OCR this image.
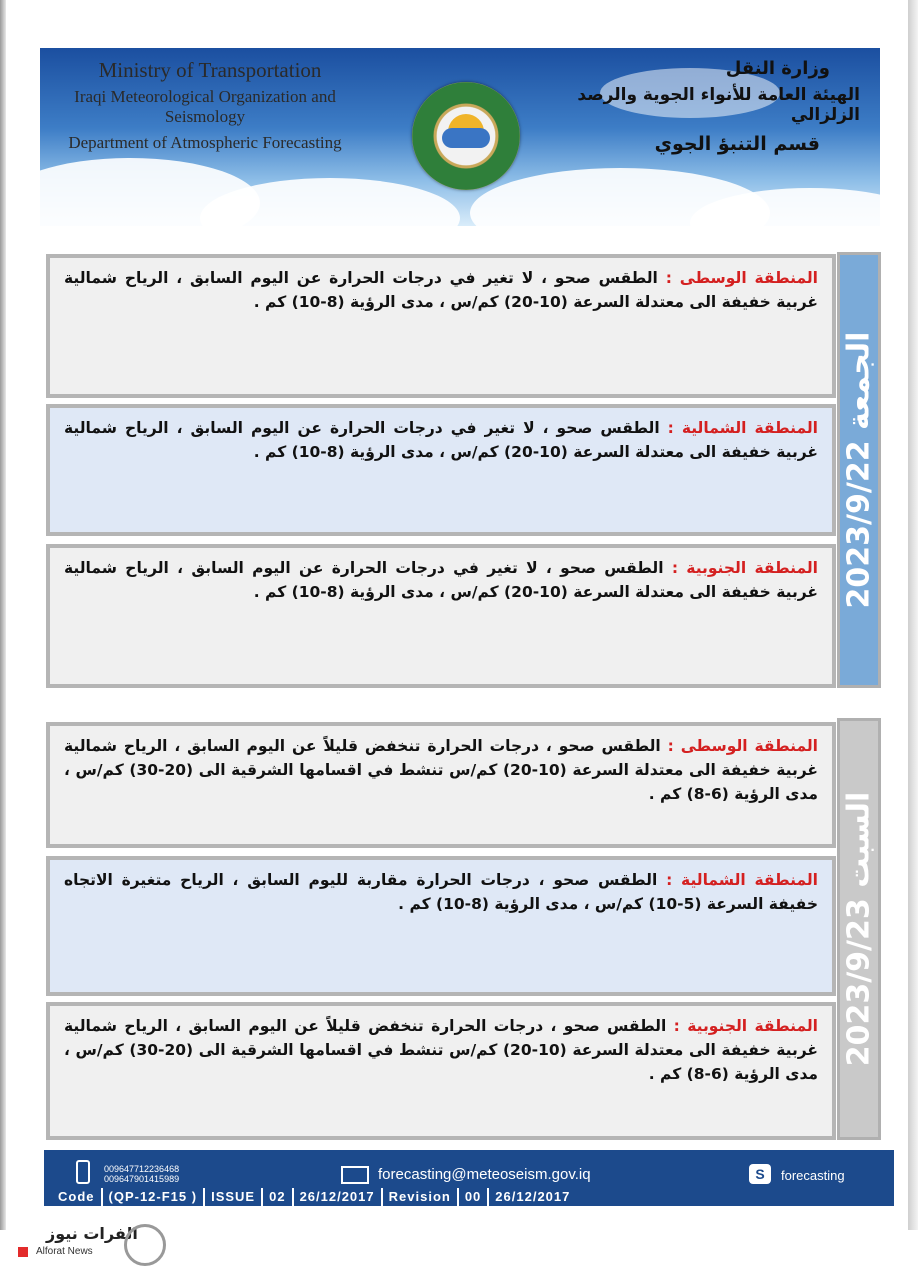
Ministry of Transportation
Iraqi Meteorological Organization and Seismology
Department of Atmospheric Forecasting
وزارة النقل
الهيئة العامة للأنواء الجوية والرصد الزلزالي
قسم التنبؤ الجوي
الجمعة 2023/9/22
المنطقة الوسطى : الطقس صحو ، لا تغير في درجات الحرارة عن اليوم السابق ، الرياح شمالية غربية خفيفة الى معتدلة السرعة (10-20) كم/س ، مدى الرؤية (8-10) كم .
المنطقة الشمالية : الطقس صحو ، لا تغير في درجات الحرارة عن اليوم السابق ، الرياح شمالية غربية خفيفة الى معتدلة السرعة (10-20) كم/س ، مدى الرؤية (8-10) كم .
المنطقة الجنوبية : الطقس صحو ، لا تغير في درجات الحرارة عن اليوم السابق ، الرياح شمالية غربية خفيفة الى معتدلة السرعة (10-20) كم/س ، مدى الرؤية (8-10) كم .
السبت 2023/9/23
المنطقة الوسطى : الطقس صحو ، درجات الحرارة تنخفض قليلاً عن اليوم السابق ، الرياح شمالية غربية خفيفة الى معتدلة السرعة (10-20) كم/س تنشط في اقسامها الشرقية الى (20-30) كم/س ، مدى الرؤية (6-8) كم .
المنطقة الشمالية : الطقس صحو ، درجات الحرارة مقاربة لليوم السابق ، الرياح متغيرة الاتجاه خفيفة السرعة (5-10) كم/س ، مدى الرؤية (8-10) كم .
المنطقة الجنوبية : الطقس صحو ، درجات الحرارة تنخفض قليلاً عن اليوم السابق ، الرياح شمالية غربية خفيفة الى معتدلة السرعة (10-20) كم/س تنشط في اقسامها الشرقية الى (20-30) كم/س ، مدى الرؤية (6-8) كم .
009647712236468
009647901415989	forecasting@meteoseism.gov.iq	S	forecasting
Code	(QP-12-F15 )	ISSUE	02	26/12/2017	Revision	00	26/12/2017
الفرات نيوز
Alforat News
